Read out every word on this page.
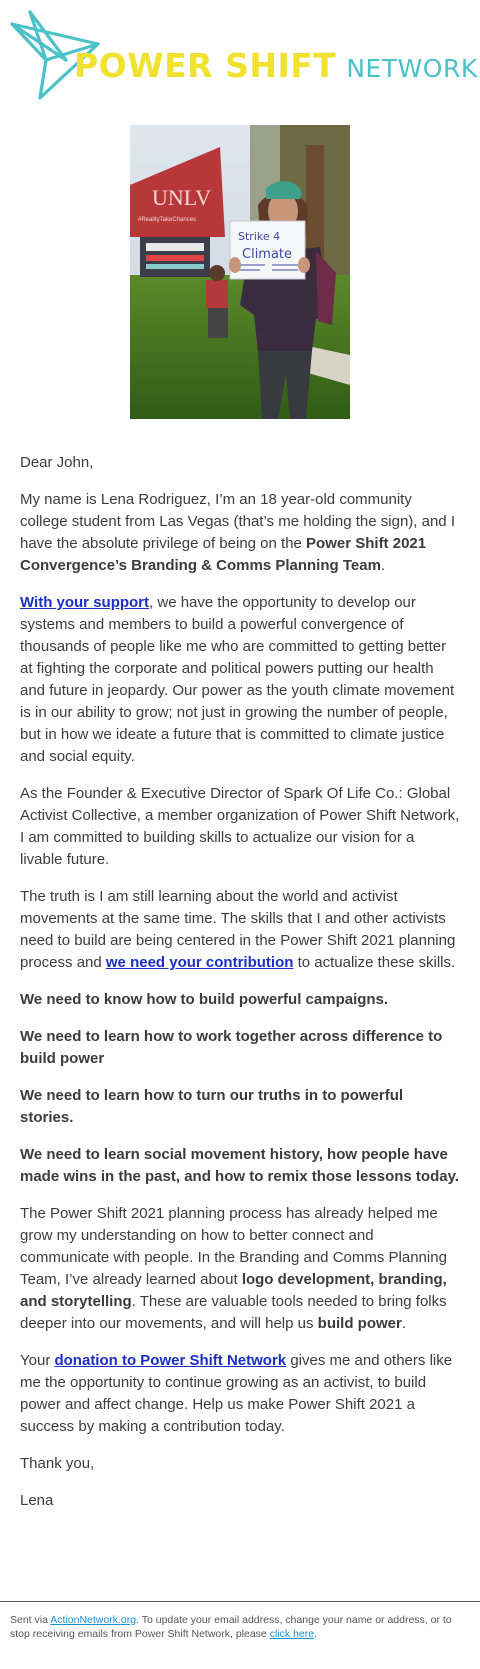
POWER SHIFT NETWORK
UNLV
#RealityTakeChances
Strike 4
Climate

Dear John,

My name is Lena Rodriguez, I’m an 18 year-old community college student from Las Vegas (that’s me holding the sign), and I have the absolute privilege of being on the Power Shift 2021 Convergence’s Branding & Comms Planning Team.

With your support, we have the opportunity to develop our systems and members to build a powerful convergence of thousands of people like me who are committed to getting better at fighting the corporate and political powers putting our health and future in jeopardy. Our power as the youth climate movement is in our ability to grow; not just in growing the number of people, but in how we ideate a future that is committed to climate justice and social equity.

As the Founder & Executive Director of Spark Of Life Co.: Global Activist Collective, a member organization of Power Shift Network, I am committed to building skills to actualize our vision for a livable future.

The truth is I am still learning about the world and activist movements at the same time. The skills that I and other activists need to build are being centered in the Power Shift 2021 planning process and we need your contribution to actualize these skills.

We need to know how to build powerful campaigns.

We need to learn how to work together across difference to build power

We need to learn how to turn our truths in to powerful stories.

We need to learn social movement history, how people have made wins in the past, and how to remix those lessons today.

The Power Shift 2021 planning process has already helped me grow my understanding on how to better connect and communicate with people. In the Branding and Comms Planning Team, I’ve already learned about logo development, branding, and storytelling. These are valuable tools needed to bring folks deeper into our movements, and will help us build power.

Your donation to Power Shift Network gives me and others like me the opportunity to continue growing as an activist, to build power and affect change. Help us make Power Shift 2021 a success by making a contribution today.

Thank you,

Lena

Sent via ActionNetwork.org. To update your email address, change your name or address, or to stop receiving emails from Power Shift Network, please click here.
